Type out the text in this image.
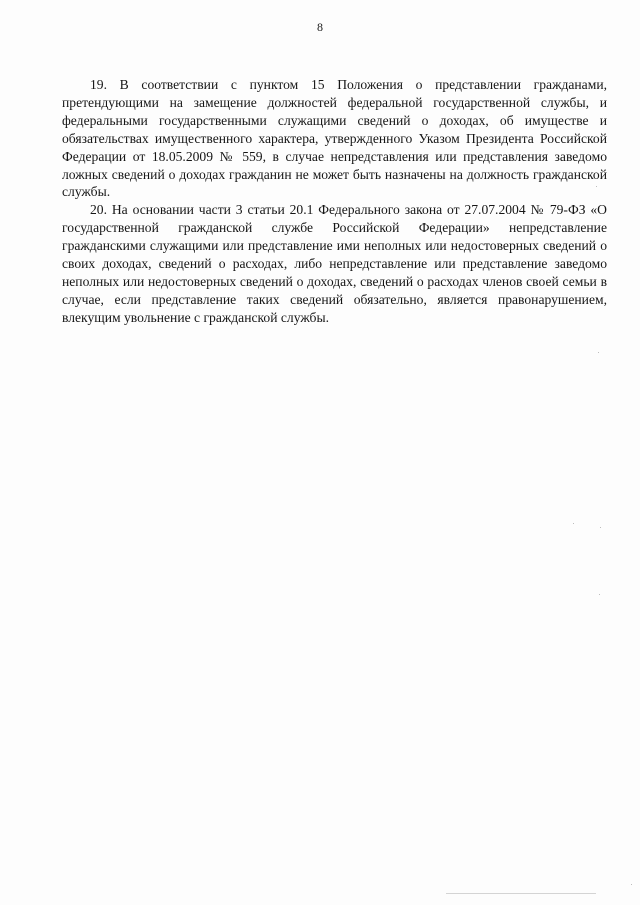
8

19. В соответствии с пунктом 15 Положения о представлении гражданами, претендующими на замещение должностей федеральной государственной службы, и федеральными государственными служащими сведений о доходах, об имуществе и обязательствах имущественного характера, утвержденного Указом Президента Российской Федерации от 18.05.2009 № 559, в случае непредставления или представления заведомо ложных сведений о доходах гражданин не может быть назначены на должность гражданской службы.

20. На основании части 3 статьи 20.1 Федерального закона от 27.07.2004 № 79-ФЗ «О государственной гражданской службе Российской Федерации» непредставление гражданскими служащими или представление ими неполных или недостоверных сведений о своих доходах, сведений о расходах, либо непредставление или представление заведомо неполных или недостоверных сведений о доходах, сведений о расходах членов своей семьи в случае, если представление таких сведений обязательно, является правонарушением, влекущим увольнение с гражданской службы.
